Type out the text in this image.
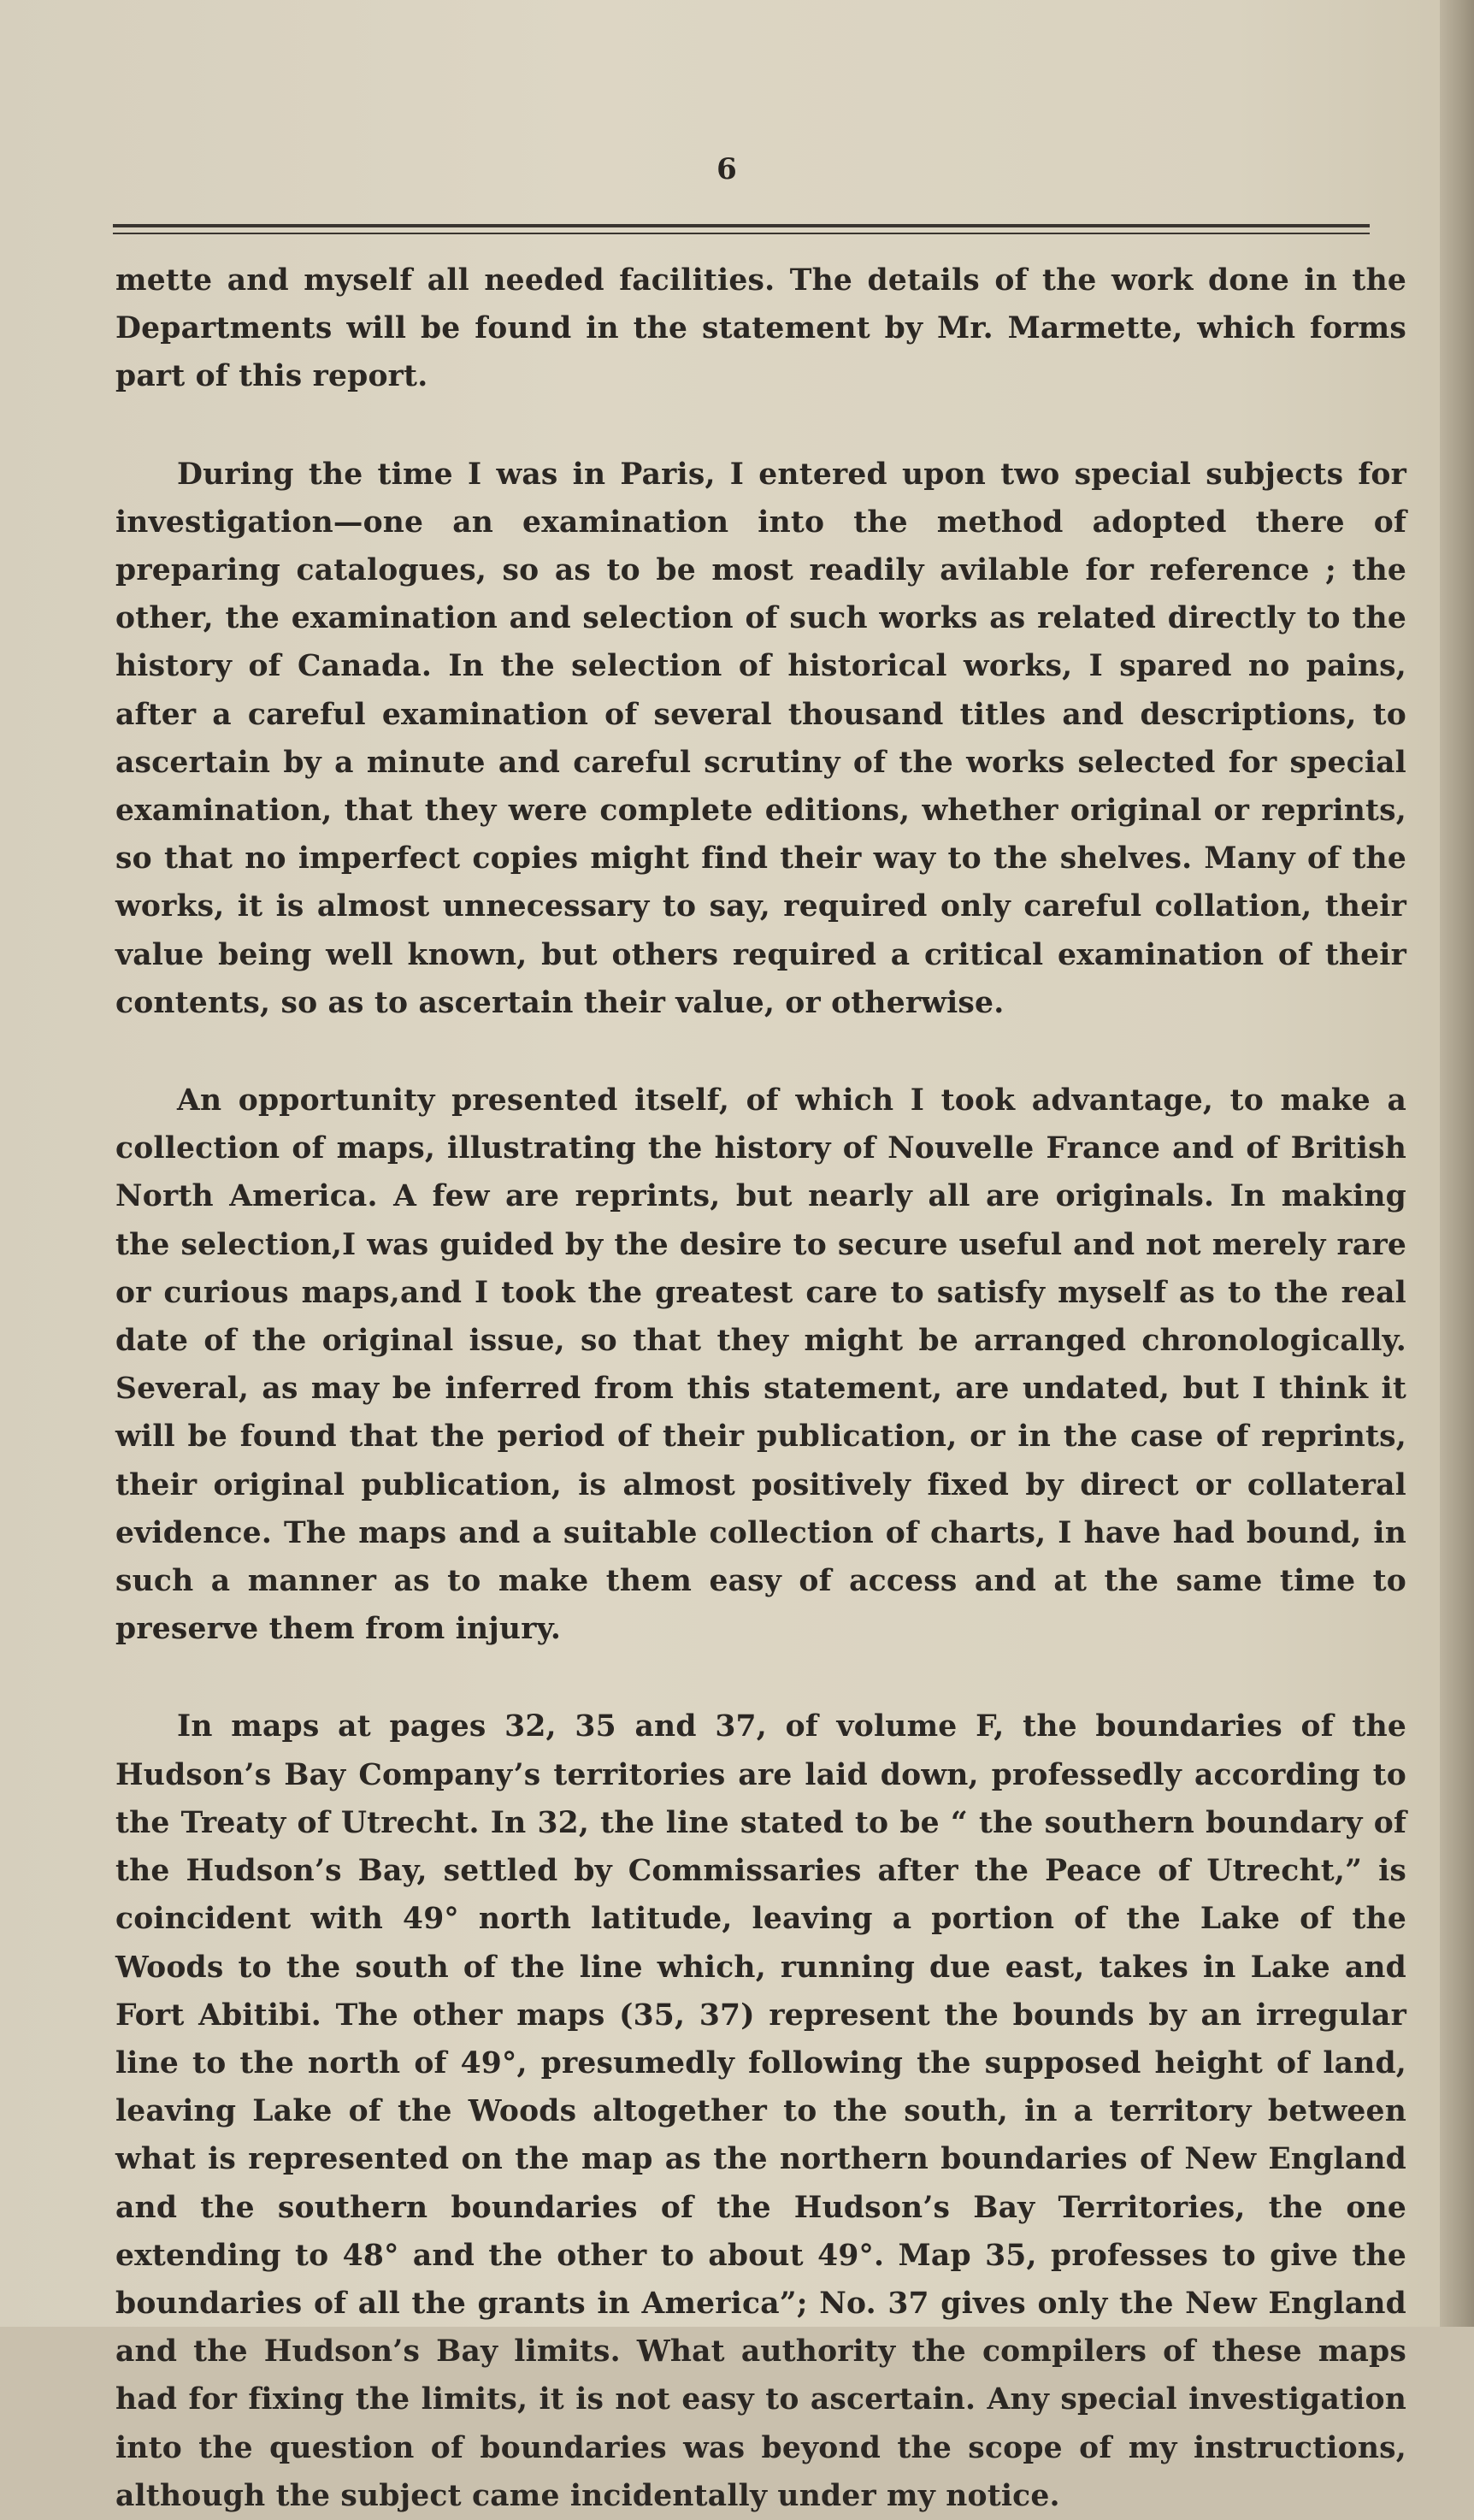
6

mette and myself all needed facilities. The details of the work done in the Departments will be found in the statement by Mr. Marmette, which forms part of this report.

During the time I was in Paris, I entered upon two special subjects for investigation—one an examination into the method adopted there of preparing catalogues, so as to be most readily avilable for reference ; the other, the examination and selection of such works as related directly to the history of Canada. In the selection of historical works, I spared no pains, after a careful examination of several thousand titles and descriptions, to ascertain by a minute and careful scrutiny of the works selected for special examination, that they were complete editions, whether original or reprints, so that no imperfect copies might find their way to the shelves. Many of the works, it is almost unnecessary to say, required only careful collation, their value being well known, but others required a critical examination of their contents, so as to ascertain their value, or otherwise.

An opportunity presented itself, of which I took advantage, to make a collection of maps, illustrating the history of Nouvelle France and of British North America. A few are reprints, but nearly all are originals. In making the selection,I was guided by the desire to secure useful and not merely rare or curious maps,and I took the greatest care to satisfy myself as to the real date of the original issue, so that they might be arranged chronologically. Several, as may be inferred from this statement, are undated, but I think it will be found that the period of their publication, or in the case of reprints, their original publication, is almost positively fixed by direct or collateral evidence. The maps and a suitable collection of charts, I have had bound, in such a manner as to make them easy of access and at the same time to preserve them from injury.

In maps at pages 32, 35 and 37, of volume F, the boundaries of the Hudson’s Bay Company’s territories are laid down, professedly according to the Treaty of Utrecht. In 32, the line stated to be “ the southern boundary of the Hudson’s Bay, settled by Commissaries after the Peace of Utrecht,” is coincident with 49° north latitude, leaving a portion of the Lake of the Woods to the south of the line which, running due east, takes in Lake and Fort Abitibi. The other maps (35, 37) represent the bounds by an irregular line to the north of 49°, presumedly following the supposed height of land, leaving Lake of the Woods altogether to the south, in a territory between what is represented on the map as the northern boundaries of New England and the southern boundaries of the Hudson’s Bay Territories, the one extending to 48° and the other to about 49°. Map 35, professes to give the boundaries of all the grants in America”; No. 37 gives only the New England and the Hudson’s Bay limits. What authority the compilers of these maps had for fixing the limits, it is not easy to ascertain. Any special investigation into the question of boundaries was beyond the scope of my instructions, although the subject came incidentally under my notice.
